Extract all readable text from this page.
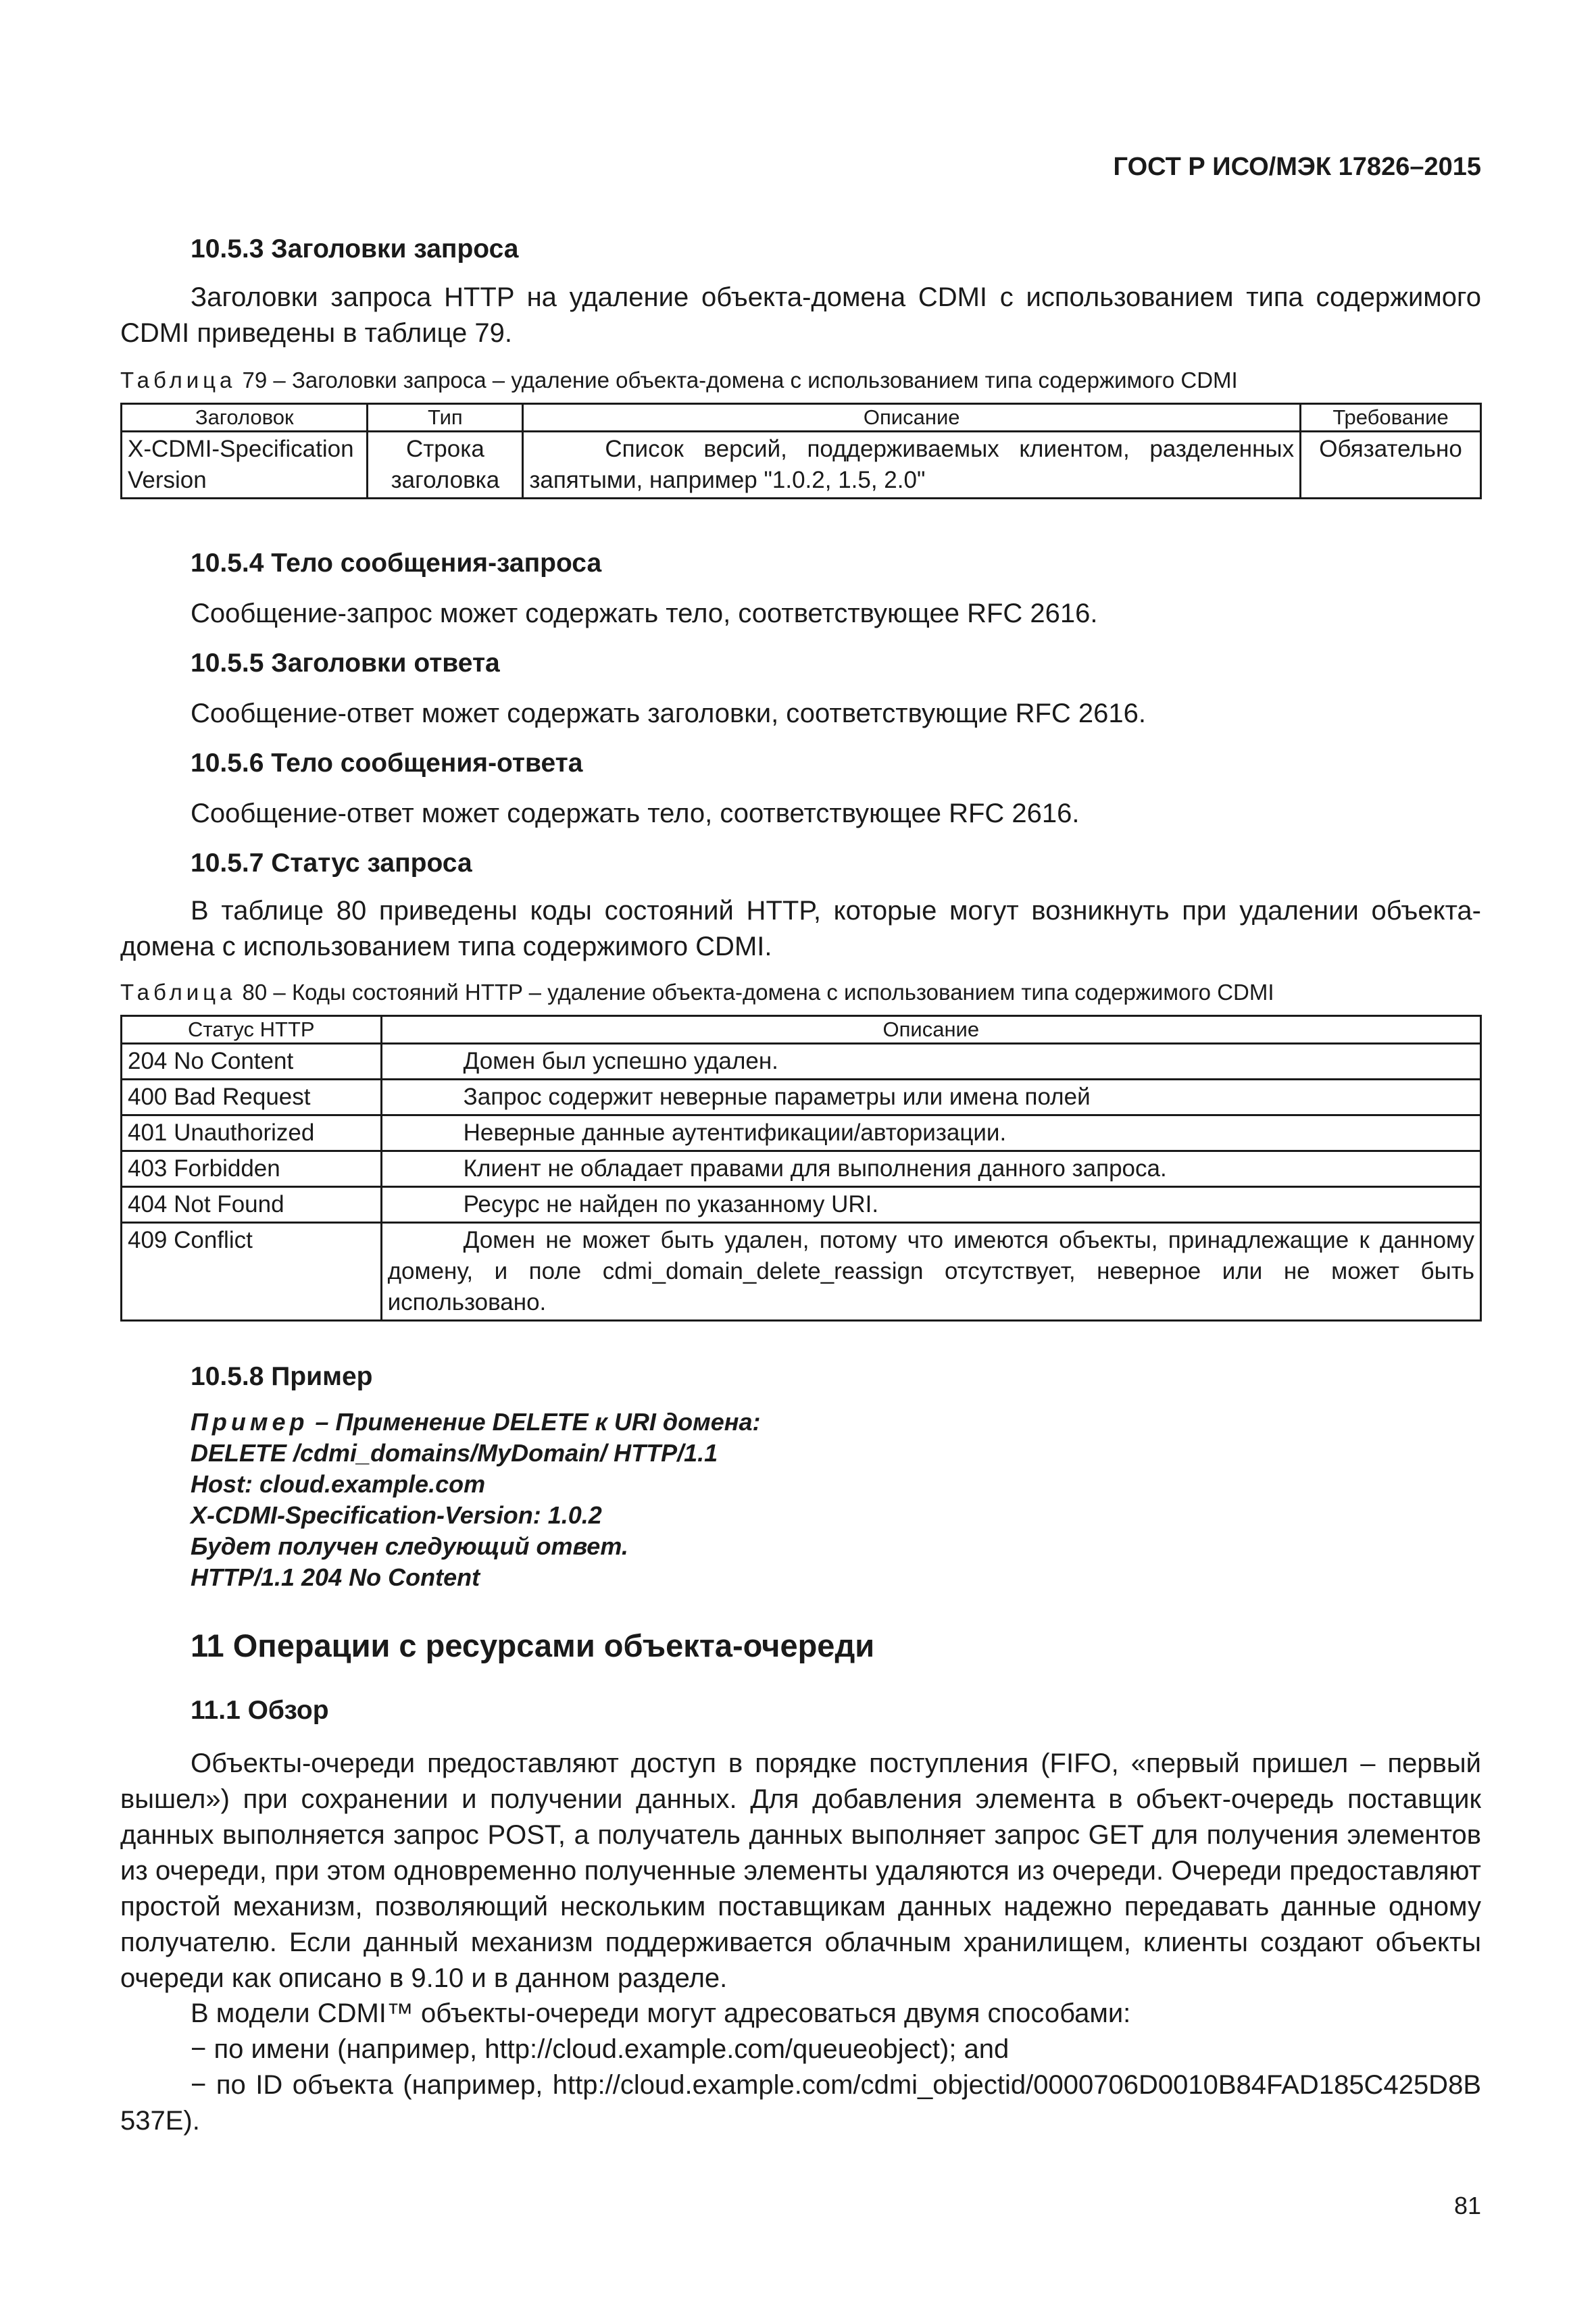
ГОСТ Р ИСО/МЭК 17826–2015
10.5.3 Заголовки запроса
Заголовки запроса HTTP на удаление объекта-домена CDMI с использованием типа содержимого CDMI приведены в таблице 79.
Таблица 79 – Заголовки запроса – удаление объекта-домена с использованием типа содержимого CDMI
Заголовок	Тип	Описание	Требование
X-CDMI-SpecificationVersion	Строка заголовка	Список версий, поддерживаемых клиентом, разделенных запятыми, например "1.0.2, 1.5, 2.0"	Обязательно
10.5.4 Тело сообщения-запроса
Сообщение-запрос может содержать тело, соответствующее RFC 2616.
10.5.5 Заголовки ответа
Сообщение-ответ может содержать заголовки, соответствующие RFC 2616.
10.5.6 Тело сообщения-ответа
Сообщение-ответ может содержать тело, соответствующее RFC 2616.
10.5.7 Статус запроса
В таблице 80 приведены коды состояний HTTP, которые могут возникнуть при удалении объекта-домена с использованием типа содержимого CDMI.
Таблица 80 – Коды состояний HTTP – удаление объекта-домена с использованием типа содержимого CDMI
Статус HTTP	Описание
204 No Content	Домен был успешно удален.
400 Bad Request	Запрос содержит неверные параметры или имена полей
401 Unauthorized	Неверные данные аутентификации/авторизации.
403 Forbidden	Клиент не обладает правами для выполнения данного запроса.
404 Not Found	Ресурс не найден по указанному URI.
409 Conflict	Домен не может быть удален, потому что имеются объекты, принадлежащие к данному домену, и поле cdmi_domain_delete_reassign отсутствует, неверное или не может быть использовано.
10.5.8 Пример
Пример – Применение DELETE к URI домена:
DELETE /cdmi_domains/MyDomain/ HTTP/1.1
Host: cloud.example.com
X-CDMI-Specification-Version: 1.0.2
Будет получен следующий ответ.
HTTP/1.1 204 No Content
11 Операции с ресурсами объекта-очереди
11.1 Обзор
Объекты-очереди предоставляют доступ в порядке поступления (FIFO, «первый пришел – первый вышел») при сохранении и получении данных. Для добавления элемента в объект-очередь поставщик данных выполняется запрос POST, а получатель данных выполняет запрос GET для получения элементов из очереди, при этом одновременно полученные элементы удаляются из очереди. Очереди предоставляют простой механизм, позволяющий нескольким поставщикам данных надежно передавать данные одному получателю. Если данный механизм поддерживается облачным хранилищем, клиенты создают объекты очереди как описано в 9.10 и в данном разделе.
В модели CDMI™ объекты-очереди могут адресоваться двумя способами:
− по имени (например, http://cloud.example.com/queueobject); and
− по ID объекта (например, http://cloud.example.com/cdmi_objectid/0000706D0010B84FAD185C425D8B537E).
81
